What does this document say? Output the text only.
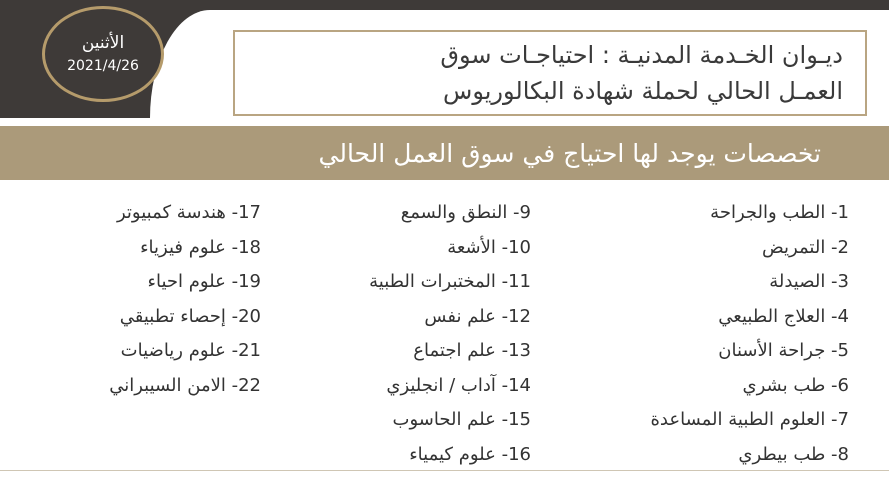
الأثنين
2021/4/26	ديـوان الخـدمة المدنيـة : احتياجـات سوق
العمـل الحالي لحملة شهادة البكالوريوس
تخصصات يوجد لها احتياج في سوق العمل الحالي
1- الطب والجراحة
2- التمريض
3- الصيدلة
4- العلاج الطبيعي
5- جراحة الأسنان
6- طب بشري
7- العلوم الطبية المساعدة
8- طب بيطري
9- النطق والسمع
10- الأشعة
11- المختبرات الطبية
12- علم نفس
13- علم اجتماع
14- آداب / انجليزي
15- علم الحاسوب
16- علوم كيمياء
17- هندسة كمبيوتر
18- علوم فيزياء
19- علوم احياء
20- إحصاء تطبيقي
21- علوم رياضيات
22- الامن السيبراني
